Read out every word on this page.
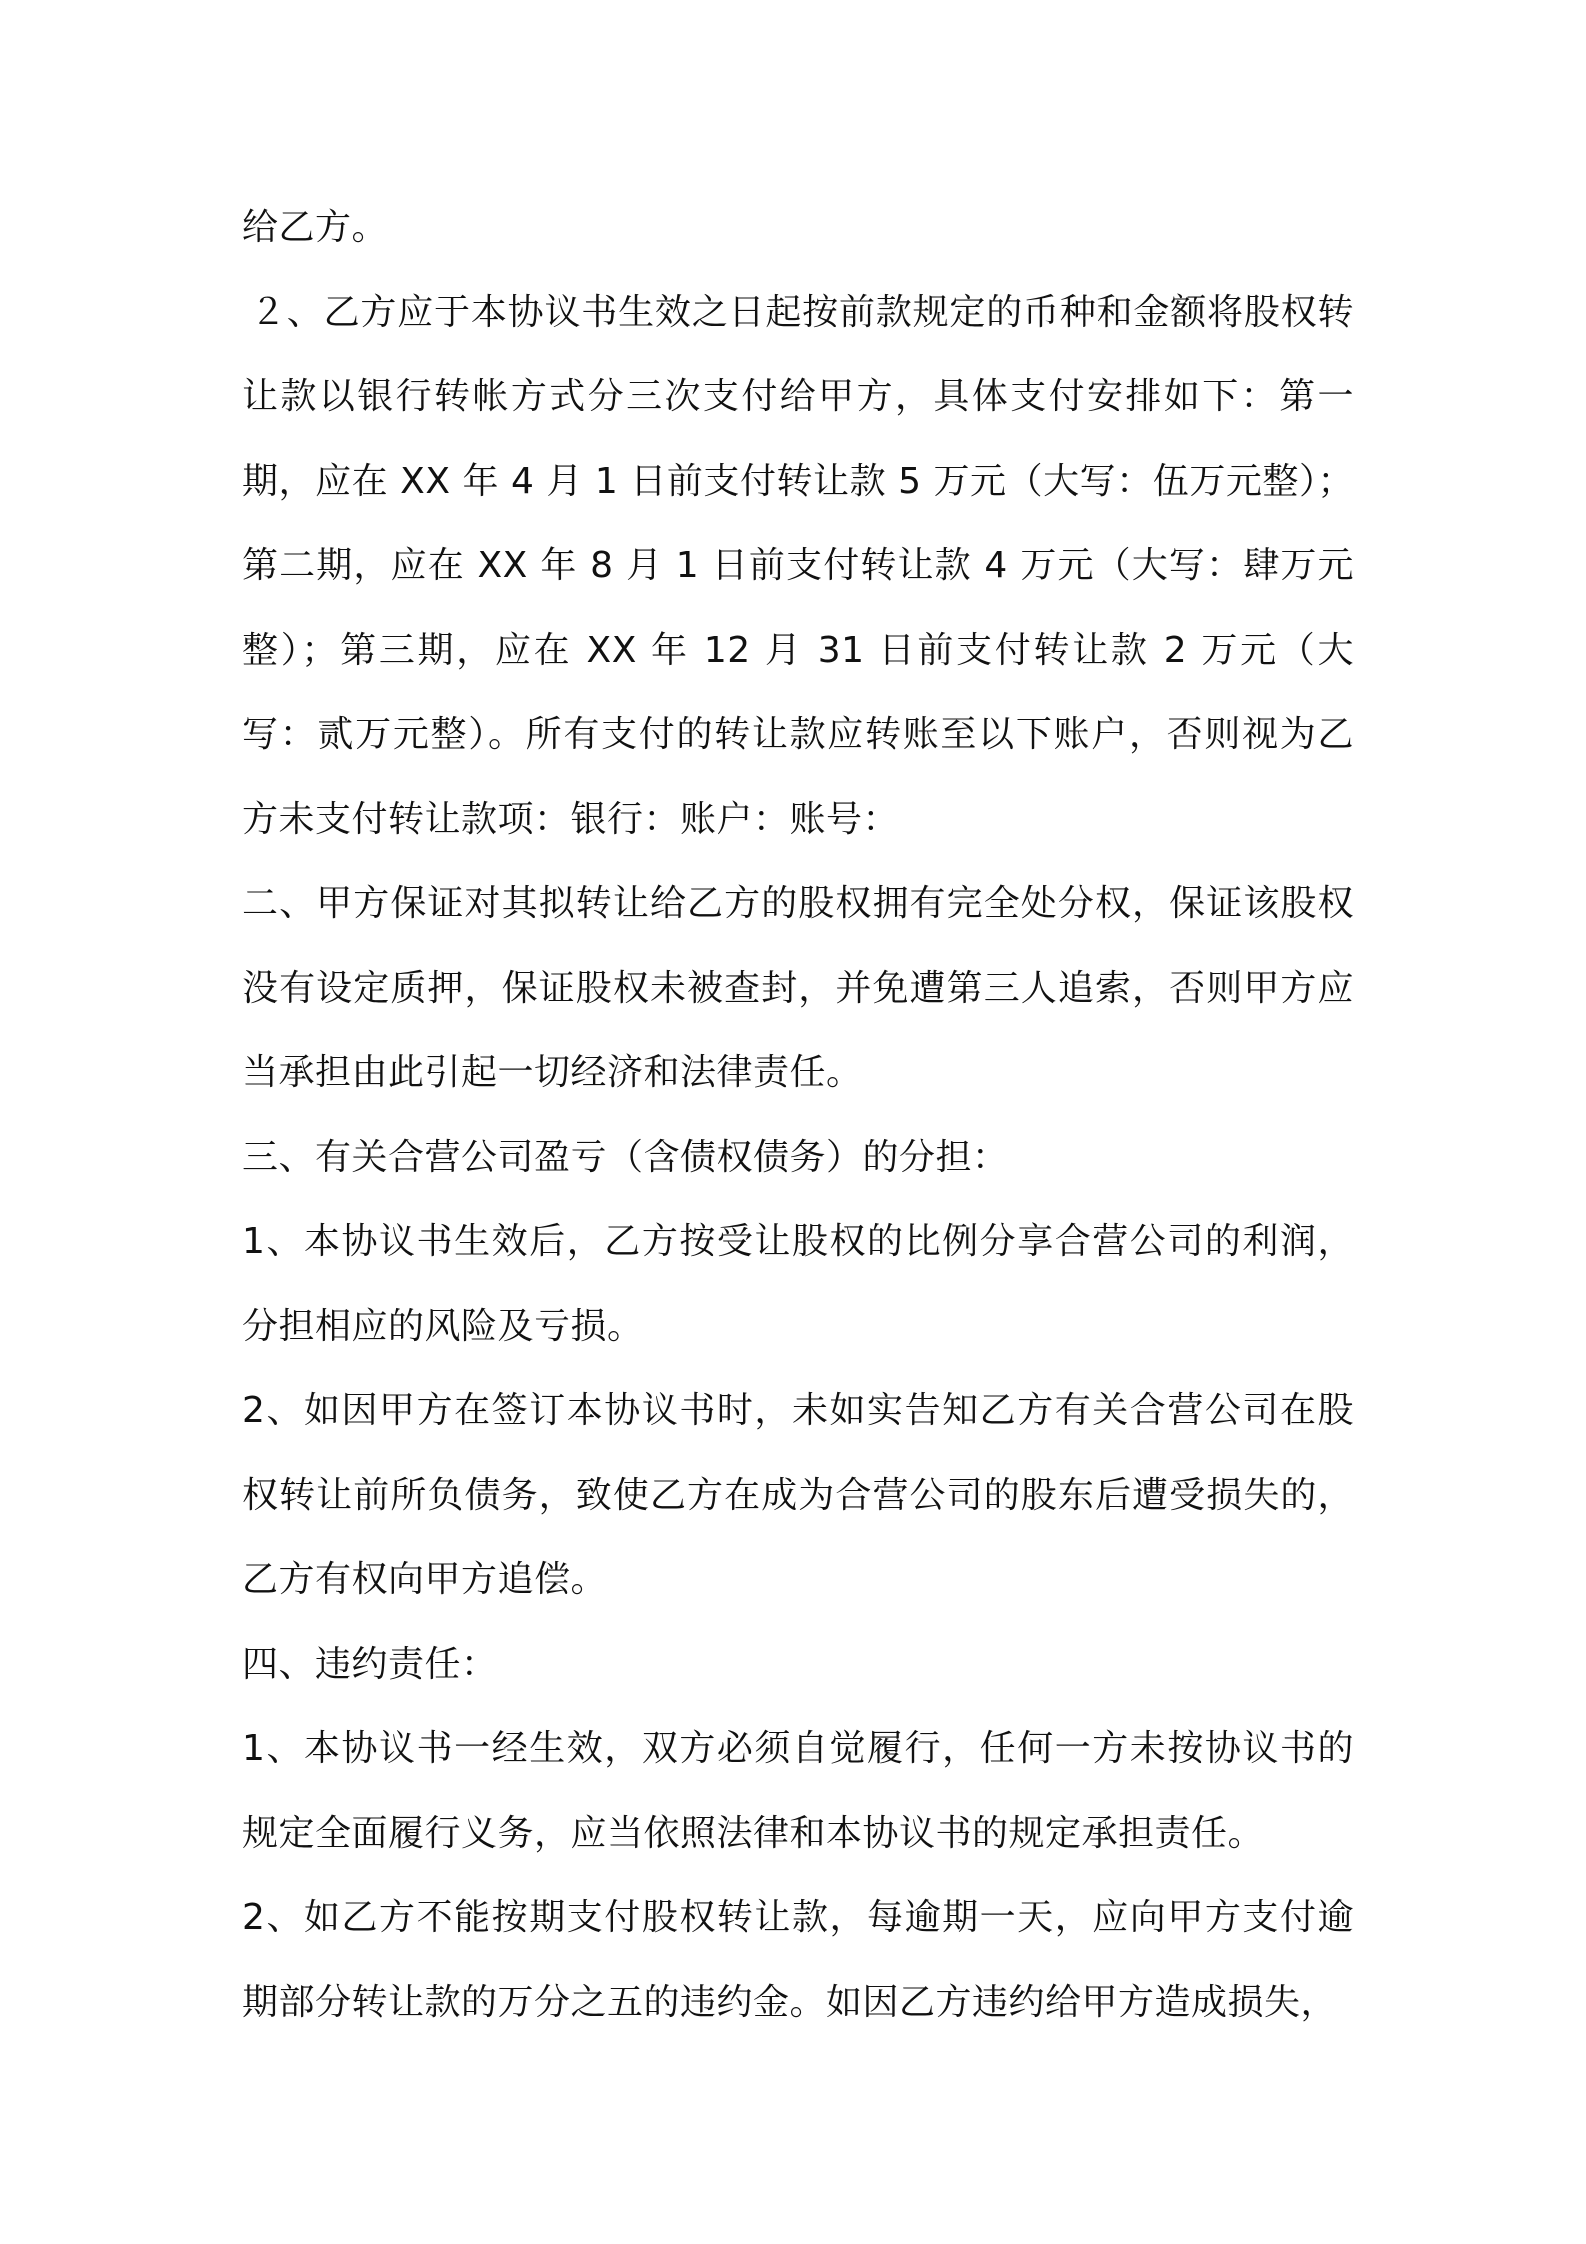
给乙方。

２、乙方应于本协议书生效之日起按前款规定的币种和金额将股权转让款以银行转帐方式分三次支付给甲方，具体支付安排如下：第一期，应在 XX 年 4 月 1 日前支付转让款 5 万元（大写：伍万元整）；第二期，应在 XX 年 8 月 1 日前支付转让款 4 万元（大写：肆万元整）；第三期，应在 XX 年 12 月 31 日前支付转让款 2 万元（大写：贰万元整）。所有支付的转让款应转账至以下账户，否则视为乙方未支付转让款项：银行：账户：账号：

二、甲方保证对其拟转让给乙方的股权拥有完全处分权，保证该股权没有设定质押，保证股权未被查封，并免遭第三人追索，否则甲方应当承担由此引起一切经济和法律责任。

三、有关合营公司盈亏（含债权债务）的分担：

1、本协议书生效后，乙方按受让股权的比例分享合营公司的利润，分担相应的风险及亏损。

2、如因甲方在签订本协议书时，未如实告知乙方有关合营公司在股权转让前所负债务，致使乙方在成为合营公司的股东后遭受损失的，乙方有权向甲方追偿。

四、违约责任：

1、本协议书一经生效，双方必须自觉履行，任何一方未按协议书的规定全面履行义务，应当依照法律和本协议书的规定承担责任。

2、如乙方不能按期支付股权转让款，每逾期一天，应向甲方支付逾期部分转让款的万分之五的违约金。如因乙方违约给甲方造成损失，
